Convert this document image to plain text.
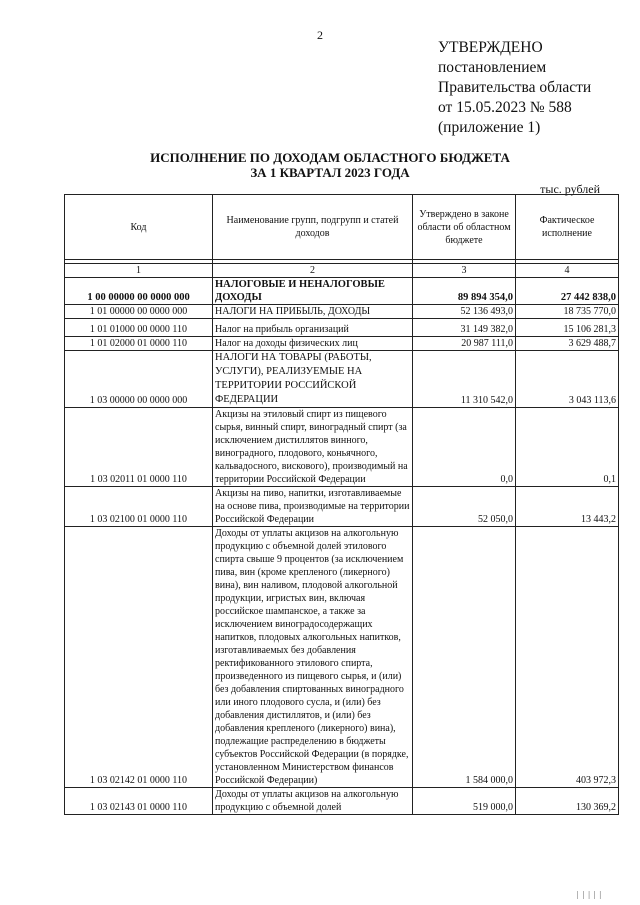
2
УТВЕРЖДЕНО
постановлением
Правительства области
от 15.05.2023 № 588
(приложение 1)
ИСПОЛНЕНИЕ ПО ДОХОДАМ ОБЛАСТНОГО БЮДЖЕТА
ЗА 1 КВАРТАЛ 2023 ГОДА
тыс. рублей
Код	Наименование групп, подгрупп и статей доходов	Утверждено в законе области об областном бюджете	Фактическое исполнение

1	2	3	4
1 00 00000 00 0000 000	НАЛОГОВЫЕ И НЕНАЛОГОВЫЕ ДОХОДЫ	89 894 354,0	27 442 838,0
1 01 00000 00 0000 000	НАЛОГИ НА ПРИБЫЛЬ, ДОХОДЫ	52 136 493,0	18 735 770,0
1 01 01000 00 0000 110	Налог на прибыль организаций	31 149 382,0	15 106 281,3
1 01 02000 01 0000 110	Налог на доходы физических лиц	20 987 111,0	3 629 488,7
1 03 00000 00 0000 000	НАЛОГИ НА ТОВАРЫ (РАБОТЫ, УСЛУГИ), РЕАЛИЗУЕМЫЕ НА ТЕРРИТОРИИ РОССИЙСКОЙ ФЕДЕРАЦИИ	11 310 542,0	3 043 113,6
1 03 02011 01 0000 110	Акцизы на этиловый спирт из пищевого сырья, винный спирт, виноградный спирт (за исключением дистиллятов винного, виноградного, плодового, коньячного, кальвадосного, вискового), производимый на территории Российской Федерации	0,0	0,1
1 03 02100 01 0000 110	Акцизы на пиво, напитки, изготавливаемые на основе пива, производимые на территории Российской Федерации	52 050,0	13 443,2
1 03 02142 01 0000 110	Доходы от уплаты акцизов на алкогольную продукцию с объемной долей этилового спирта свыше 9 процентов (за исключением пива, вин (кроме крепленого (ликерного) вина), вин наливом, плодовой алкогольной продукции, игристых вин, включая российское шампанское, а также за исключением виноградосодержащих напитков, плодовых алкогольных напитков, изготавливаемых без добавления ректификованного этилового спирта, произведенного из пищевого сырья, и (или) без добавления спиртованных виноградного или иного плодового сусла, и (или) без добавления дистиллятов, и (или) без добавления крепленого (ликерного) вина), подлежащие распределению в бюджеты субъектов Российской Федерации (в порядке, установленном Министерством финансов Российской Федерации)	1 584 000,0	403 972,3
1 03 02143 01 0000 110	Доходы от уплаты акцизов на алкогольную продукцию с объемной долей	519 000,0	130 369,2
| | | | |
